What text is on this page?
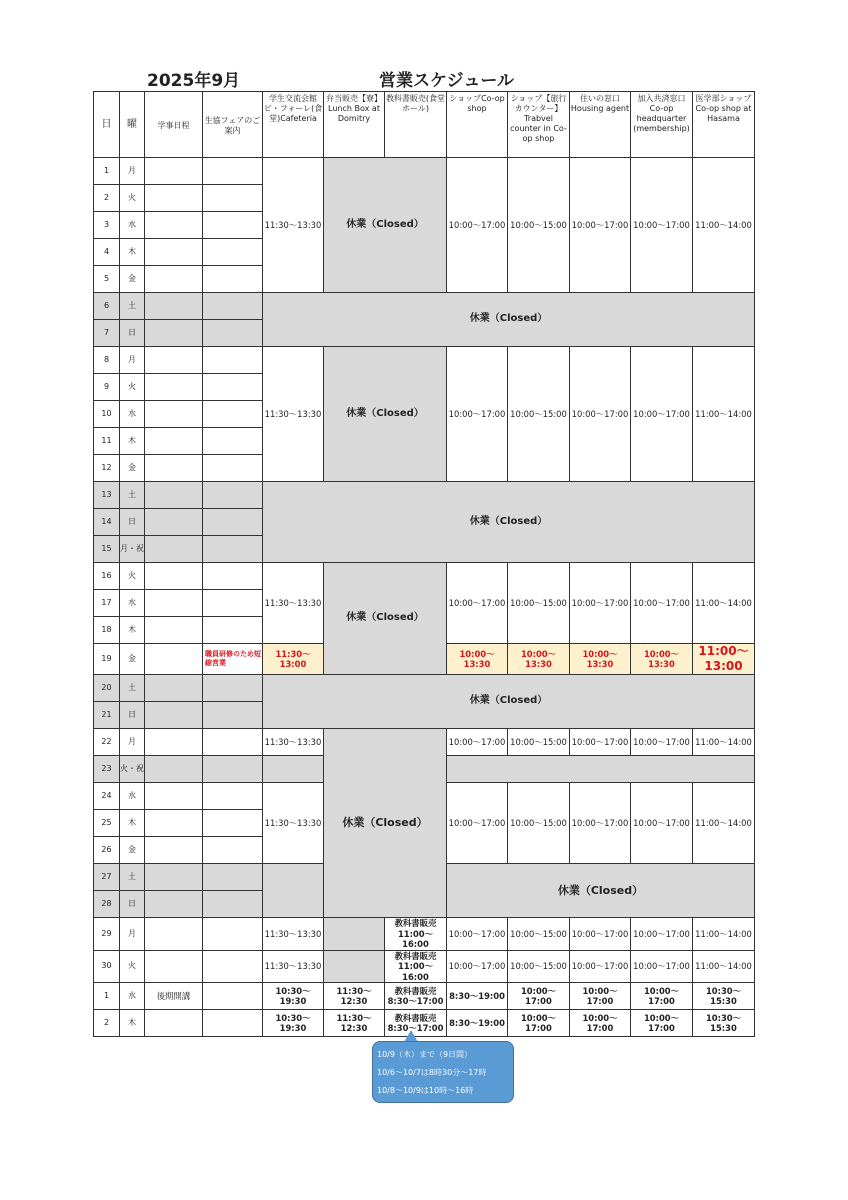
2025年9月	営業スケジュール
日	曜	学事日程	生協フェアのご案内	学生交流会館ビ・フォーレ(食堂)Cafeteria	弁当販売【寮】Lunch Box at Domitry	教科書販売(食堂ホール)	ショップCo-op shop	ショップ【旅行カウンター】Trabvel counter in Co-op shop	住いの窓口Housing agent	加入共済窓口Co-op headquarter (membership)	医学部ショップCo-op shop at Hasama
1	月			11:30～13:30	休業（Closed）		10:00～17:00	10:00～15:00	10:00～17:00	10:00～17:00	11:00～14:00
2	火										
3	水										
4	木										
5	金										
6	土			休業（Closed）							
7	日										
8	月			11:30～13:30	休業（Closed）		10:00～17:00	10:00～15:00	10:00～17:00	10:00～17:00	11:00～14:00
9	火										
10	水										
11	木										
12	金										
13	土			休業（Closed）							
14	日										
15	月・祝										
16	火			11:30～13:30	休業（Closed）		10:00～17:00	10:00～15:00	10:00～17:00	10:00～17:00	11:00～14:00
17	水										
18	木										
19	金		職員研修のため短縮営業	11:30～13:00			10:00～13:30	10:00～13:30	10:00～13:30	10:00～13:30	11:00～13:00
20	土			休業（Closed）							
21	日										
22	月			11:30～13:30	休業（Closed）		10:00～17:00	10:00～15:00	10:00～17:00	10:00～17:00	11:00～14:00
23	火・祝										
24	水			11:30～13:30			10:00～17:00	10:00～15:00	10:00～17:00	10:00～17:00	11:00～14:00
25	木										
26	金										
27	土						休業（Closed）				
28	日										
29	月			11:30～13:30		教科書販売11:00～16:00	10:00～17:00	10:00～15:00	10:00～17:00	10:00～17:00	11:00～14:00
30	火			11:30～13:30		教科書販売11:00～16:00	10:00～17:00	10:00～15:00	10:00～17:00	10:00～17:00	11:00～14:00
1	水	後期開講		10:30～19:30	11:30～12:30	教科書販売8:30～17:00	8:30～19:00	10:00～17:00	10:00～17:00	10:00～17:00	10:30～15:30
2	木			10:30～19:30	11:30～12:30	教科書販売8:30～17:00	8:30～19:00	10:00～17:00	10:00～17:00	10:00～17:00	10:30～15:30
10/9（木）まで（9日間）
10/6～10/7は8時30分～17時
10/8～10/9は10時～16時
